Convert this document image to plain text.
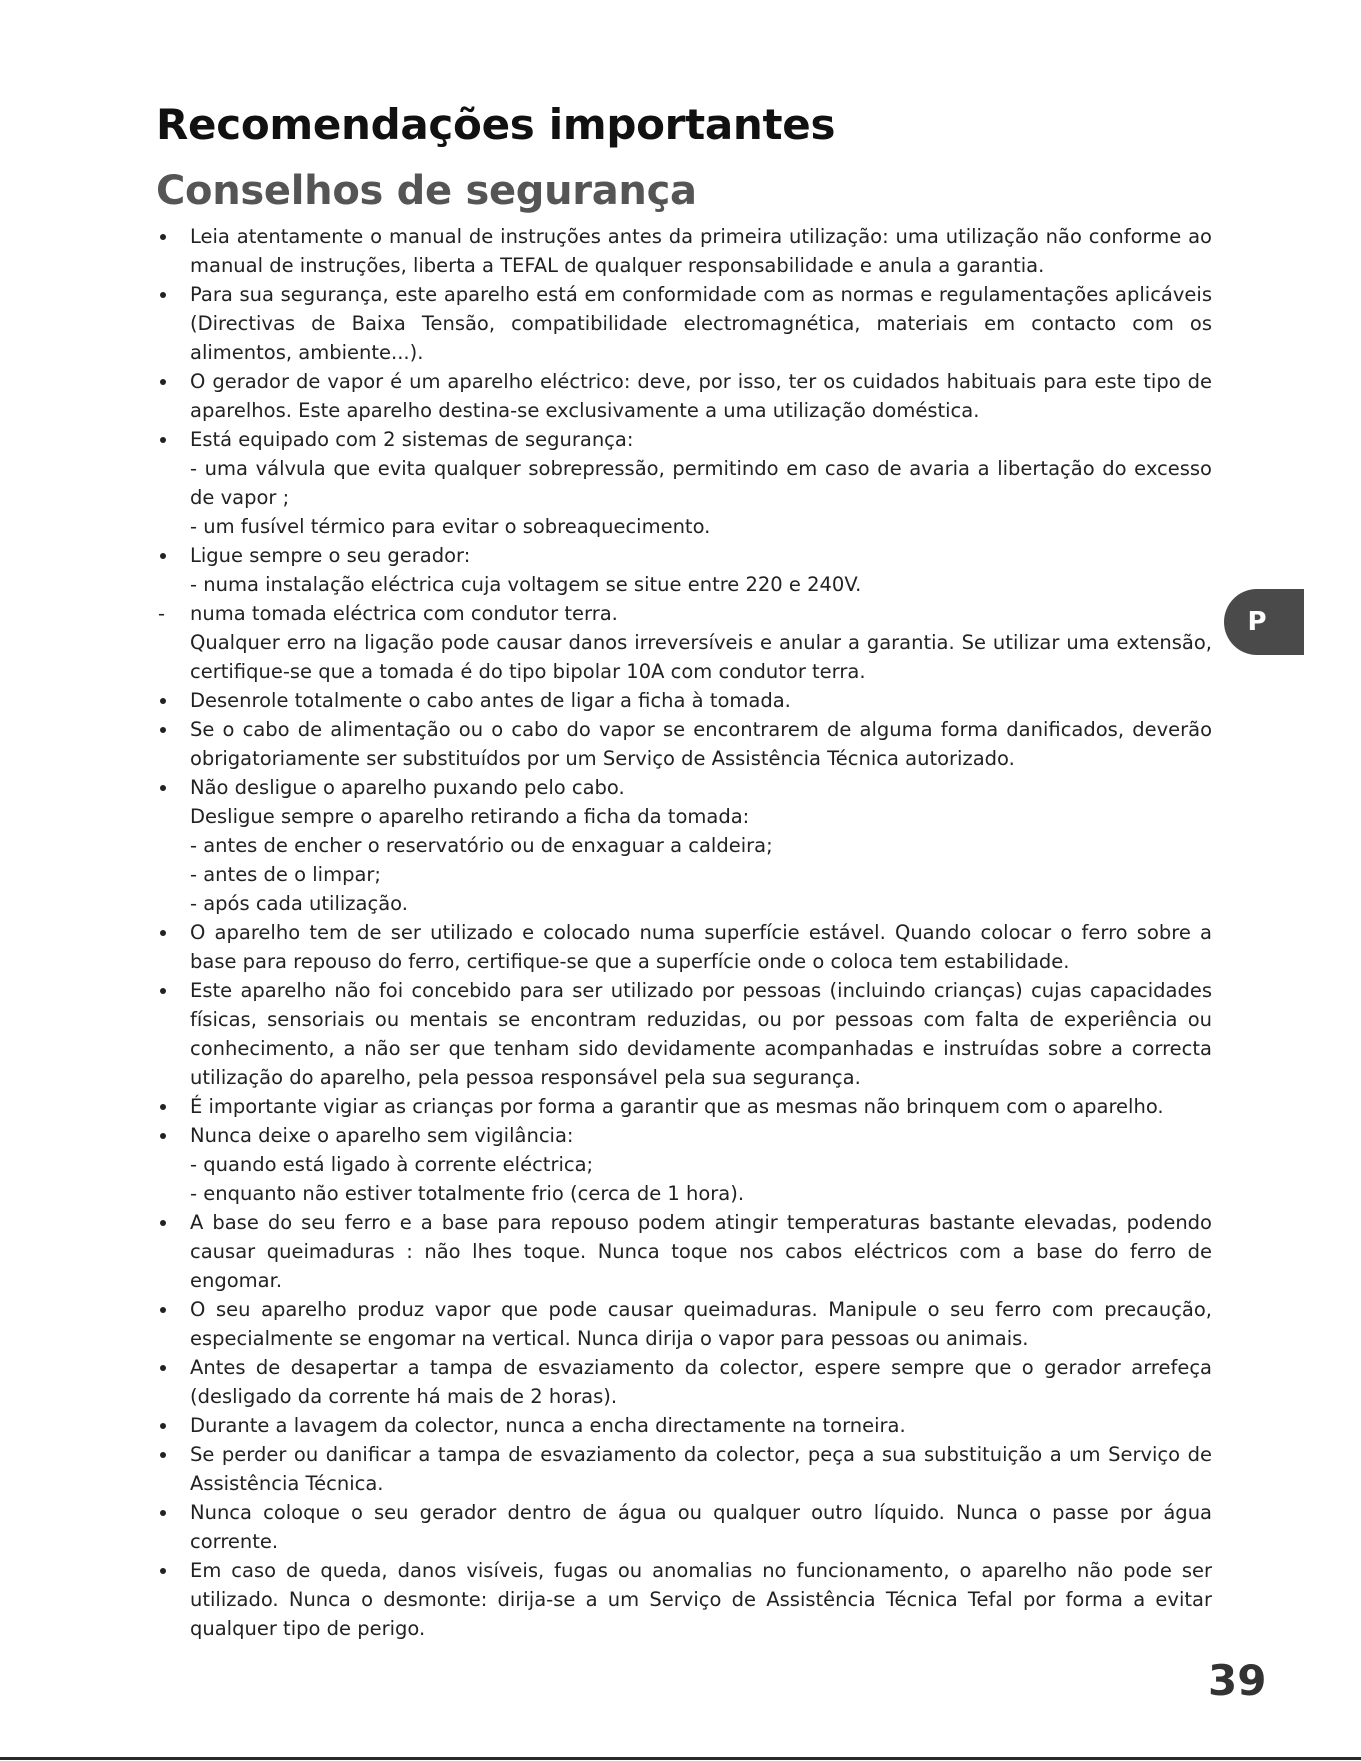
Recomendações importantes
Conselhos de segurança
Leia atentamente o manual de instruções antes da primeira utilização: uma utilização não conforme ao manual de instruções, liberta a TEFAL de qualquer responsabilidade e anula a garantia.
Para sua segurança, este aparelho está em conformidade com as normas e regulamentações aplicáveis (Directivas de Baixa Tensão, compatibilidade electromagnética, materiais em contacto com os alimentos, ambiente...).
O gerador de vapor é um aparelho eléctrico: deve, por isso, ter os cuidados habituais para este tipo de aparelhos. Este aparelho destina-se exclusivamente a uma utilização doméstica.
Está equipado com 2 sistemas de segurança:
- uma válvula que evita qualquer sobrepressão, permitindo em caso de avaria a libertação do excesso de vapor ;
- um fusível térmico para evitar o sobreaquecimento.
Ligue sempre o seu gerador:
- numa instalação eléctrica cuja voltagem se situe entre 220 e 240V.
- numa tomada eléctrica com condutor terra.
Qualquer erro na ligação pode causar danos irreversíveis e anular a garantia. Se utilizar uma extensão, certifique-se que a tomada é do tipo bipolar 10A com condutor terra.
Desenrole totalmente o cabo antes de ligar a ficha à tomada.
Se o cabo de alimentação ou o cabo do vapor se encontrarem de alguma forma danificados, deverão obrigatoriamente ser substituídos por um Serviço de Assistência Técnica autorizado.
Não desligue o aparelho puxando pelo cabo.
Desligue sempre o aparelho retirando a ficha da tomada:
- antes de encher o reservatório ou de enxaguar a caldeira;
- antes de o limpar;
- após cada utilização.
O aparelho tem de ser utilizado e colocado numa superfície estável. Quando colocar o ferro sobre a base para repouso do ferro, certifique-se que a superfície onde o coloca tem estabilidade.
Este aparelho não foi concebido para ser utilizado por pessoas (incluindo crianças) cujas capacidades físicas, sensoriais ou mentais se encontram reduzidas, ou por pessoas com falta de experiência ou conhecimento, a não ser que tenham sido devidamente acompanhadas e instruídas sobre a correcta utilização do aparelho, pela pessoa responsável pela sua segurança.
É importante vigiar as crianças por forma a garantir que as mesmas não brinquem com o aparelho.
Nunca deixe o aparelho sem vigilância:
- quando está ligado à corrente eléctrica;
- enquanto não estiver totalmente frio (cerca de 1 hora).
A base do seu ferro e a base para repouso podem atingir temperaturas bastante elevadas, podendo causar queimaduras : não lhes toque. Nunca toque nos cabos eléctricos com a base do ferro de engomar.
O seu aparelho produz vapor que pode causar queimaduras. Manipule o seu ferro com precaução, especialmente se engomar na vertical. Nunca dirija o vapor para pessoas ou animais.
Antes de desapertar a tampa de esvaziamento da colector, espere sempre que o gerador arrefeça (desligado da corrente há mais de 2 horas).
Durante a lavagem da colector, nunca a encha directamente na torneira.
Se perder ou danificar a tampa de esvaziamento da colector, peça a sua substituição a um Serviço de Assistência Técnica.
Nunca coloque o seu gerador dentro de água ou qualquer outro líquido. Nunca o passe por água corrente.
Em caso de queda, danos visíveis, fugas ou anomalias no funcionamento, o aparelho não pode ser utilizado. Nunca o desmonte: dirija-se a um Serviço de Assistência Técnica Tefal por forma a evitar qualquer tipo de perigo.
P
39
